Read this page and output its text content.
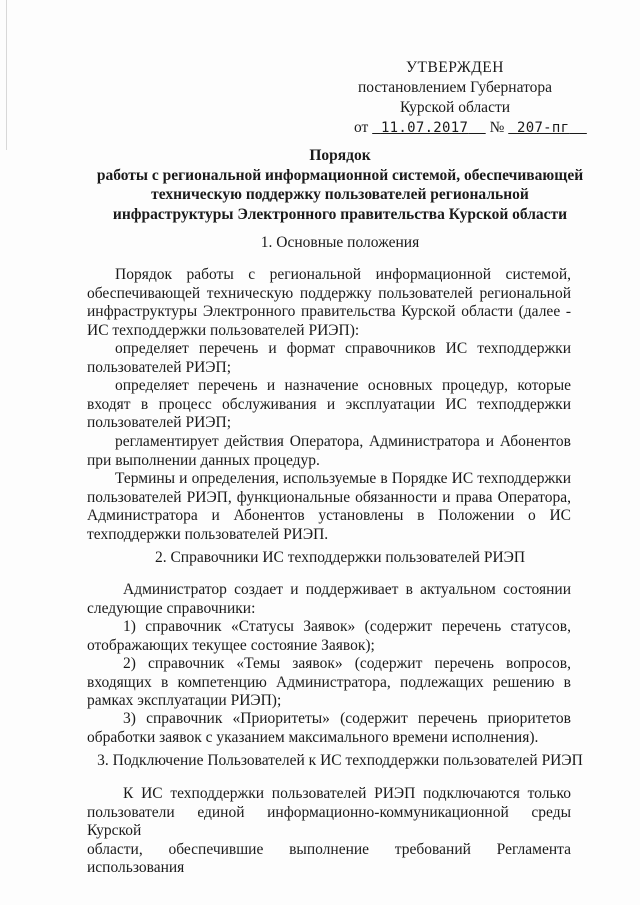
УТВЕРЖДЕН
постановлением Губернатора
Курской области
от 11.07.2017 № 207-пг
Порядок
работы с региональной информационной системой, обеспечивающей
техническую поддержку пользователей региональной
инфраструктуры Электронного правительства Курской области
1. Основные положения
Порядок работы с региональной информационной системой,
обеспечивающей техническую поддержку пользователей региональной
инфраструктуры Электронного правительства Курской области (далее -
ИС техподдержки пользователей РИЭП):
определяет перечень и формат справочников ИС техподдержки
пользователей РИЭП;
определяет перечень и назначение основных процедур, которые
входят в процесс обслуживания и эксплуатации ИС техподдержки
пользователей РИЭП;
регламентирует действия Оператора, Администратора и Абонентов
при выполнении данных процедур.
Термины и определения, используемые в Порядке ИС техподдержки
пользователей РИЭП, функциональные обязанности и права Оператора,
Администратора и Абонентов установлены в Положении о ИС
техподдержки пользователей РИЭП.
2. Справочники ИС техподдержки пользователей РИЭП
Администратор создает и поддерживает в актуальном состоянии
следующие справочники:
1) справочник «Статусы Заявок» (содержит перечень статусов,
отображающих текущее состояние Заявок);
2) справочник «Темы заявок» (содержит перечень вопросов,
входящих в компетенцию Администратора, подлежащих решению в
рамках эксплуатации РИЭП);
3) справочник «Приоритеты» (содержит перечень приоритетов
обработки заявок с указанием максимального времени исполнения).
3. Подключение Пользователей к ИС техподдержки пользователей РИЭП
К ИС техподдержки пользователей РИЭП подключаются только
пользователи единой информационно-коммуникационной среды Курской
области, обеспечившие выполнение требований Регламента использования
